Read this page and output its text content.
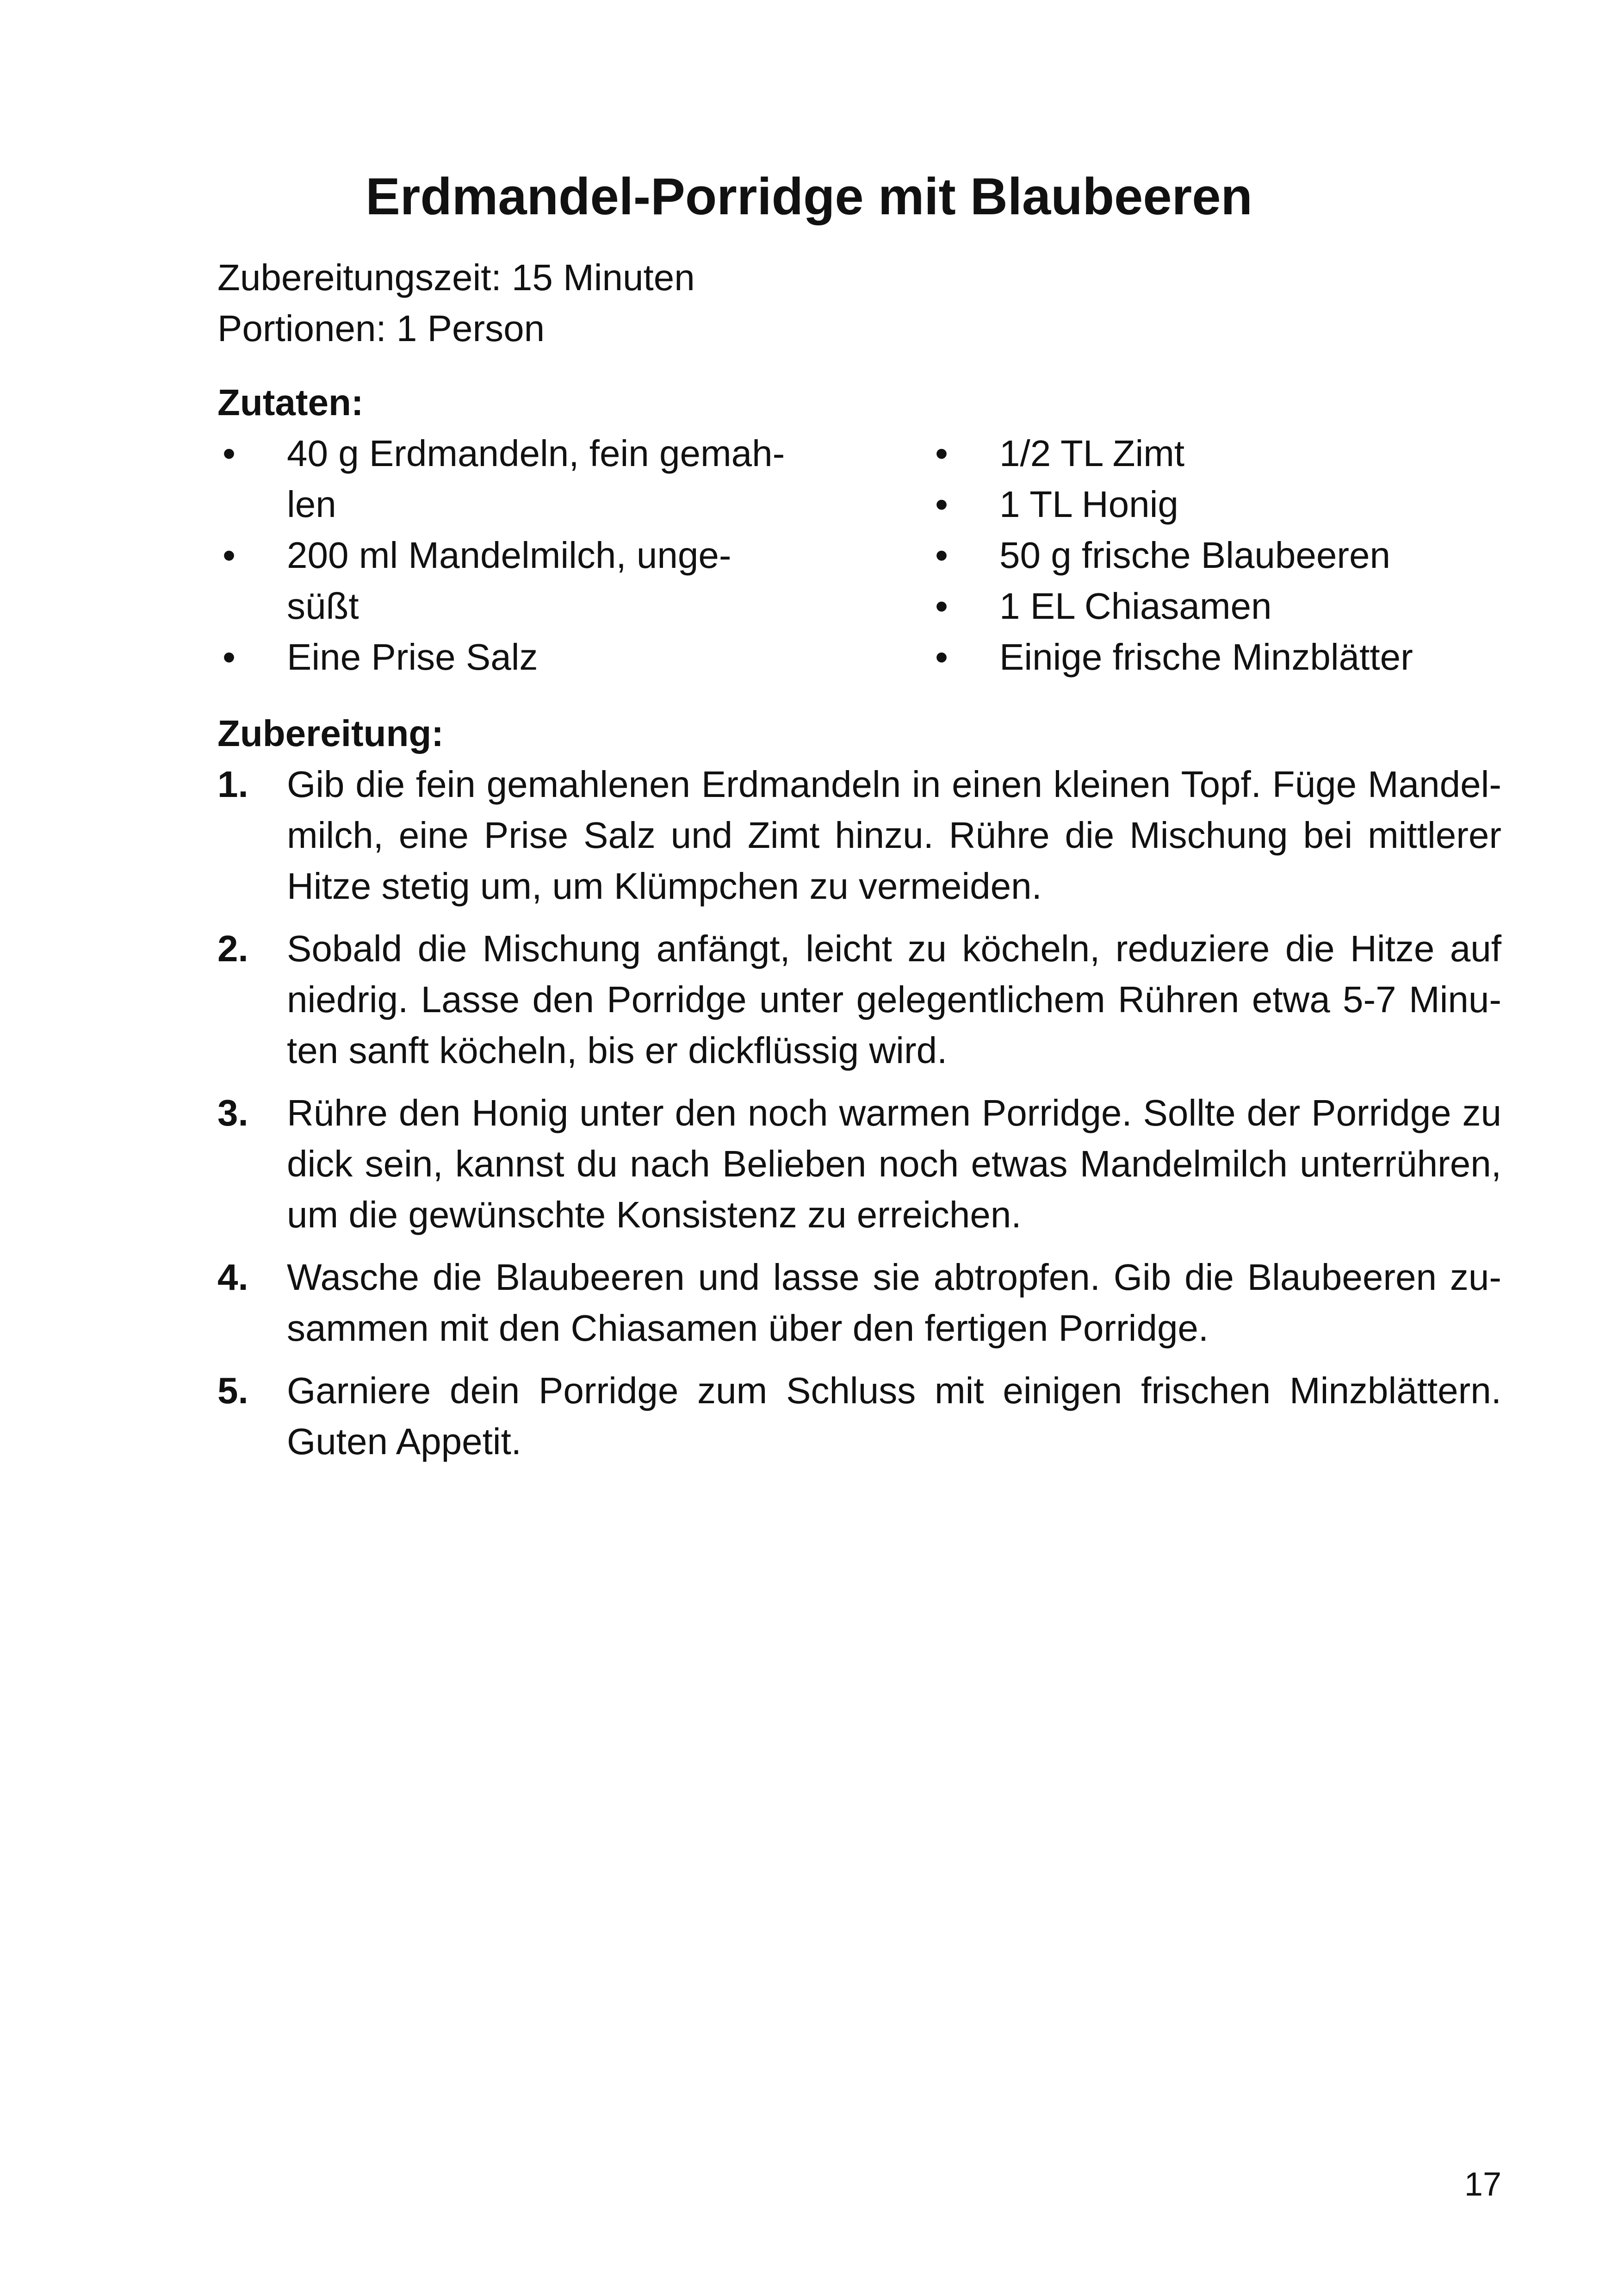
Erdmandel-Porridge mit Blaubeeren
Zubereitungszeit: 15 Minuten
Portionen: 1 Person
Zutaten:
• 40 g Erdmandeln, fein gemah-
len
• 200 ml Mandelmilch, unge-
süßt
• Eine Prise Salz
• 1/2 TL Zimt
• 1 TL Honig
• 50 g frische Blaubeeren
• 1 EL Chiasamen
• Einige frische Minzblätter
Zubereitung:
1. Gib die fein gemahlenen Erdmandeln in einen kleinen Topf. Füge Mandelmilch, eine Prise Salz und Zimt hinzu. Rühre die Mischung bei mittlerer Hitze stetig um, um Klümpchen zu vermeiden.
2. Sobald die Mischung anfängt, leicht zu köcheln, reduziere die Hitze auf niedrig. Lasse den Porridge unter gelegentlichem Rühren etwa 5-7 Minuten sanft köcheln, bis er dickflüssig wird.
3. Rühre den Honig unter den noch warmen Porridge. Sollte der Porridge zu dick sein, kannst du nach Belieben noch etwas Mandelmilch unterrühren, um die gewünschte Konsistenz zu erreichen.
4. Wasche die Blaubeeren und lasse sie abtropfen. Gib die Blaubeeren zusammen mit den Chiasamen über den fertigen Porridge.
5. Garniere dein Porridge zum Schluss mit einigen frischen Minzblättern. Guten Appetit.
17
